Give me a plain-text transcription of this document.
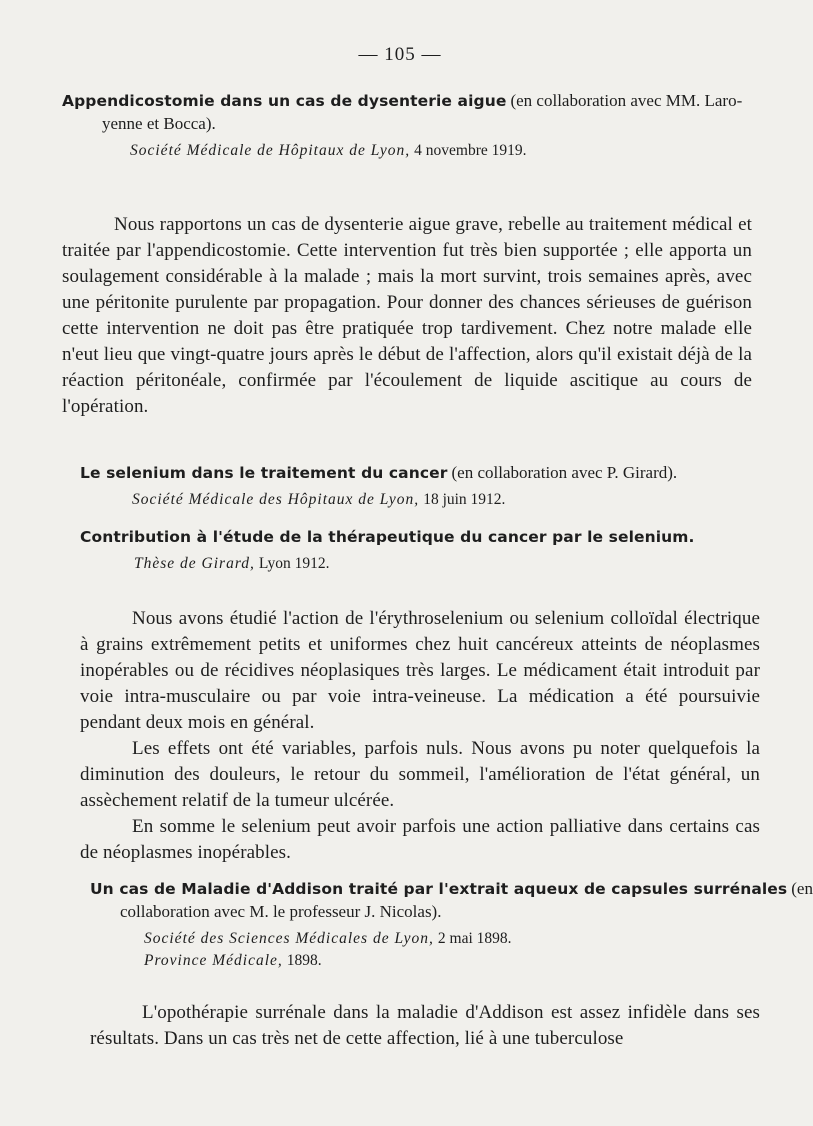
— 105 —
Appendicostomie dans un cas de dysenterie aigue (en collaboration avec MM. Laro-
yenne et Bocca).
Société Médicale de Hôpitaux de Lyon, 4 novembre 1919.

Nous rapportons un cas de dysenterie aigue grave, rebelle au traitement médical et traitée par l'appendicostomie. Cette intervention fut très bien supportée ; elle apporta un soulagement considérable à la malade ; mais la mort survint, trois semaines après, avec une péritonite purulente par propagation. Pour donner des chances sérieuses de guérison cette intervention ne doit pas être pratiquée trop tardivement. Chez notre malade elle n'eut lieu que vingt-quatre jours après le début de l'affection, alors qu'il existait déjà de la réaction péritonéale, confirmée par l'écoulement de liquide ascitique au cours de l'opération.

Le selenium dans le traitement du cancer (en collaboration avec P. Girard).
Société Médicale des Hôpitaux de Lyon, 18 juin 1912.
Contribution à l'étude de la thérapeutique du cancer par le selenium.
Thèse de Girard, Lyon 1912.

Nous avons étudié l'action de l'érythroselenium ou selenium colloïdal électrique à grains extrêmement petits et uniformes chez huit cancéreux atteints de néoplasmes inopérables ou de récidives néoplasiques très larges. Le médicament était introduit par voie intra-musculaire ou par voie intra-veineuse. La médication a été poursuivie pendant deux mois en général.

Les effets ont été variables, parfois nuls. Nous avons pu noter quelquefois la diminution des douleurs, le retour du sommeil, l'amélioration de l'état général, un assèchement relatif de la tumeur ulcérée.

En somme le selenium peut avoir parfois une action palliative dans certains cas de néoplasmes inopérables.

Un cas de Maladie d'Addison traité par l'extrait aqueux de capsules surrénales (en
collaboration avec M. le professeur J. Nicolas).
Société des Sciences Médicales de Lyon, 2 mai 1898.
Province Médicale, 1898.

L'opothérapie surrénale dans la maladie d'Addison est assez infidèle dans ses résultats. Dans un cas très net de cette affection, lié à une tuberculose
